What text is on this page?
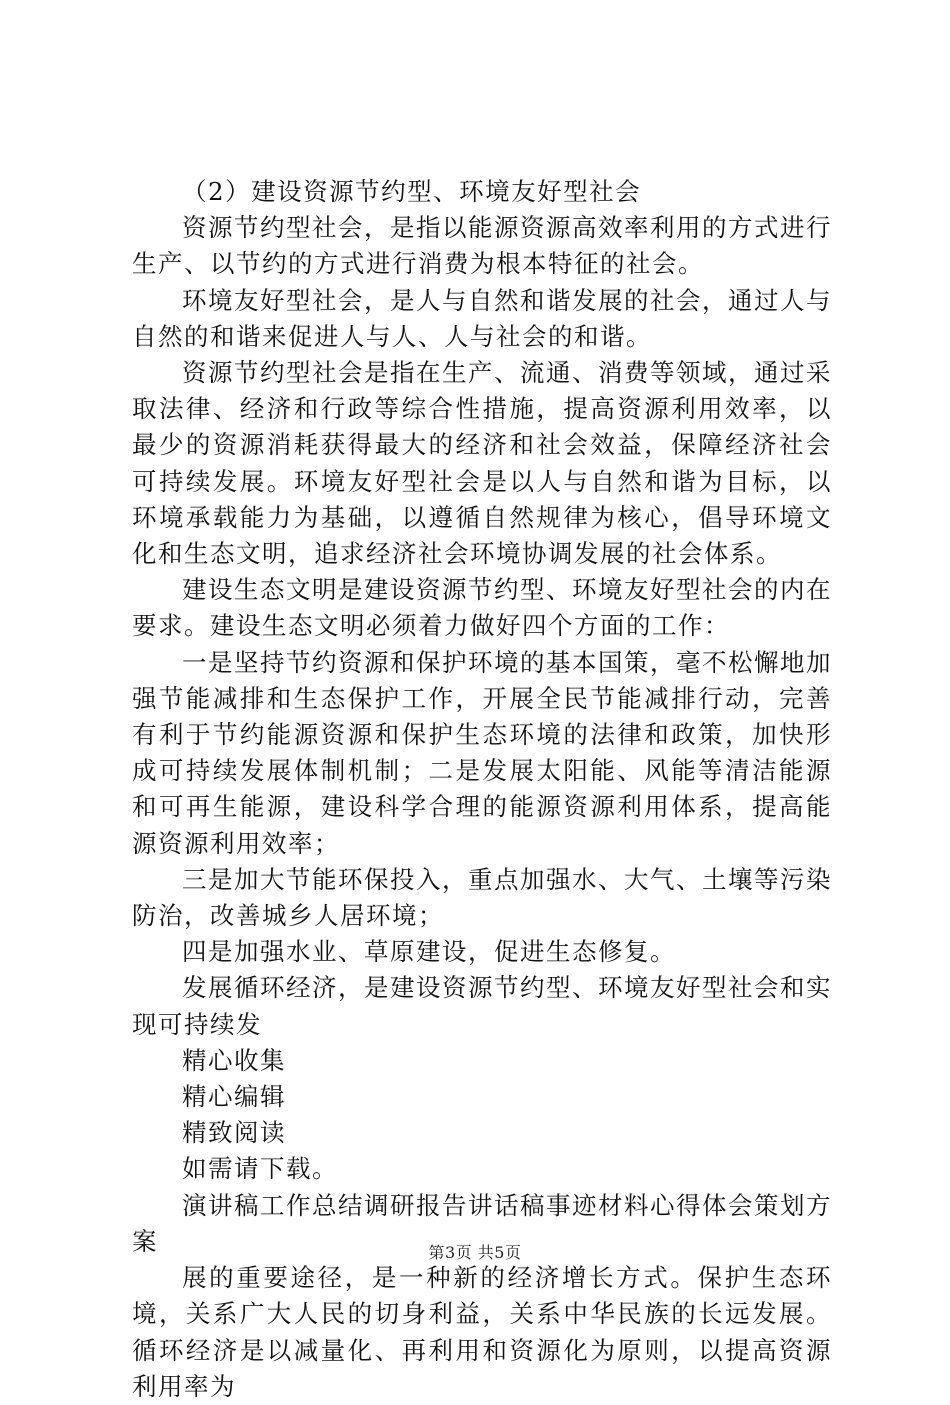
（2）建设资源节约型、环境友好型社会

资源节约型社会，是指以能源资源高效率利用的方式进行生产、以节约的方式进行消费为根本特征的社会。

环境友好型社会，是人与自然和谐发展的社会，通过人与自然的和谐来促进人与人、人与社会的和谐。

资源节约型社会是指在生产、流通、消费等领域，通过采取法律、经济和行政等综合性措施，提高资源利用效率，以最少的资源消耗获得最大的经济和社会效益，保障经济社会可持续发展。环境友好型社会是以人与自然和谐为目标，以环境承载能力为基础，以遵循自然规律为核心，倡导环境文化和生态文明，追求经济社会环境协调发展的社会体系。

建设生态文明是建设资源节约型、环境友好型社会的内在要求。建设生态文明必须着力做好四个方面的工作：

一是坚持节约资源和保护环境的基本国策，毫不松懈地加强节能减排和生态保护工作，开展全民节能减排行动，完善有利于节约能源资源和保护生态环境的法律和政策，加快形成可持续发展体制机制；二是发展太阳能、风能等清洁能源和可再生能源，建设科学合理的能源资源利用体系，提高能源资源利用效率；

三是加大节能环保投入，重点加强水、大气、土壤等污染防治，改善城乡人居环境；

四是加强水业、草原建设，促进生态修复。

发展循环经济，是建设资源节约型、环境友好型社会和实现可持续发

精心收集

精心编辑

精致阅读

如需请下载。

演讲稿工作总结调研报告讲话稿事迹材料心得体会策划方案

展的重要途径，是一种新的经济增长方式。保护生态环境，关系广大人民的切身利益，关系中华民族的长远发展。循环经济是以减量化、再利用和资源化为原则，以提高资源利用率为

第3页 共5页
